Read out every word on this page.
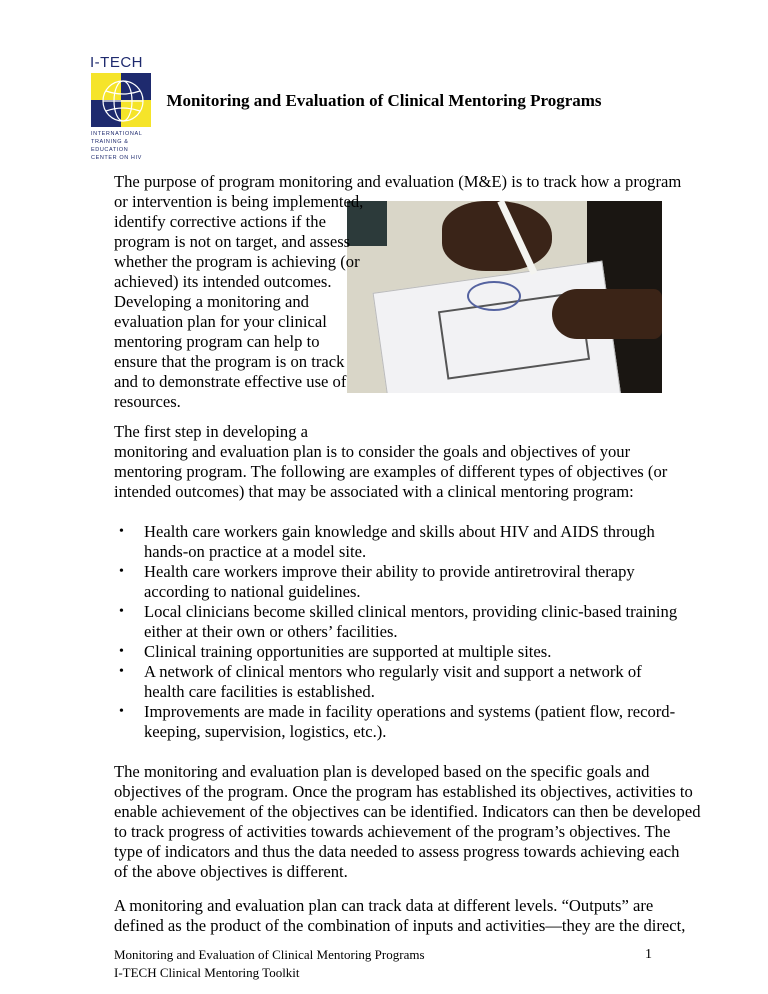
I-TECH
INTERNATIONAL
TRAINING &
EDUCATION
CENTER ON HIV
Monitoring and Evaluation of Clinical Mentoring Programs
The purpose of program monitoring and evaluation (M&E) is to track how a program
or intervention is being implemented,
identify corrective actions if the
program is not on target, and assess
whether the program is achieving (or
achieved) its intended outcomes.
Developing a monitoring and
evaluation plan for your clinical
mentoring program can help to
ensure that the program is on track
and to demonstrate effective use of
resources.
The first step in developing a
monitoring and evaluation plan is to consider the goals and objectives of your
mentoring program. The following are examples of different types of objectives (or
intended outcomes) that may be associated with a clinical mentoring program:
• Health care workers gain knowledge and skills about HIV and AIDS through
hands-on practice at a model site.
• Health care workers improve their ability to provide antiretroviral therapy
according to national guidelines.
• Local clinicians become skilled clinical mentors, providing clinic-based training
either at their own or others’ facilities.
• Clinical training opportunities are supported at multiple sites.
• A network of clinical mentors who regularly visit and support a network of
health care facilities is established.
• Improvements are made in facility operations and systems (patient flow, record-
keeping, supervision, logistics, etc.).
The monitoring and evaluation plan is developed based on the specific goals and
objectives of the program. Once the program has established its objectives, activities to
enable achievement of the objectives can be identified. Indicators can then be developed
to track progress of activities towards achievement of the program’s objectives. The
type of indicators and thus the data needed to assess progress towards achieving each
of the above objectives is different.
A monitoring and evaluation plan can track data at different levels. “Outputs” are
defined as the product of the combination of inputs and activities—they are the direct,
Monitoring and Evaluation of Clinical Mentoring Programs
I-TECH Clinical Mentoring Toolkit
1
